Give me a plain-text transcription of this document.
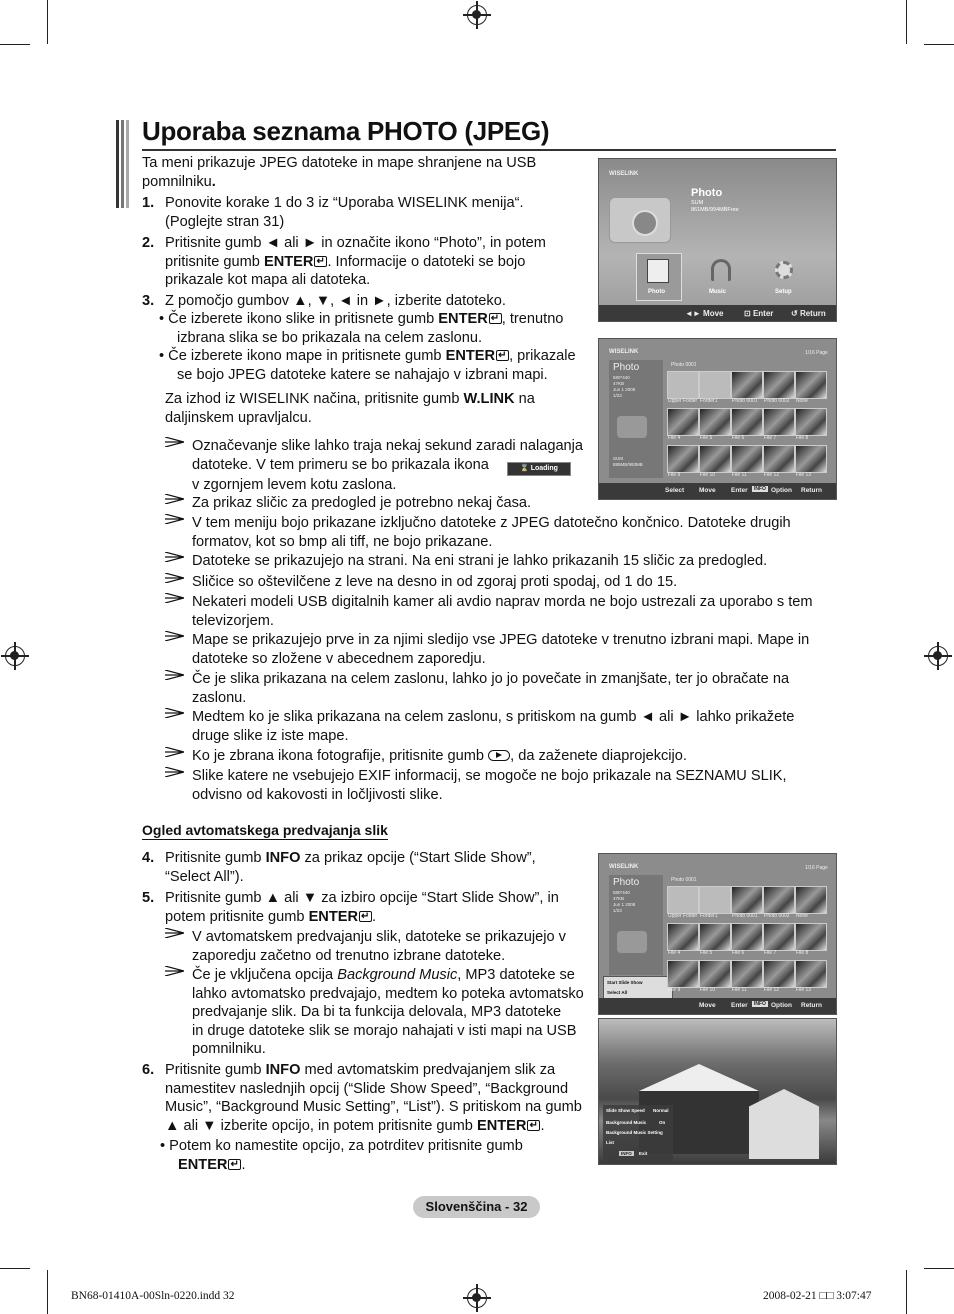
Uporaba seznama PHOTO (JPEG)
Ta meni prikazuje JPEG datoteke in mape shranjene na USB pomnilniku.
1. Ponovite korake 1 do 3 iz “Uporaba WISELINK menija“.
(Poglejte stran 31)
2. Pritisnite gumb ◄ ali ► in označite ikono “Photo”, in potem
pritisnite gumb ENTER ↵ . Informacije o datoteki se bojo
prikazale kot mapa ali datoteka.
3. Z pomočjo gumbov ▲, ▼, ◄ in ►, izberite datoteko.
• Če izberete ikono slike in pritisnete gumb ENTER ↵ , trenutno
izbrana slika se bo prikazala na celem zaslonu.
• Če izberete ikono mape in pritisnete gumb ENTER ↵ , prikazale
se bojo JPEG datoteke katere se nahajajo v izbrani mapi.
Za izhod iz WISELINK načina, pritisnite gumb W.LINK na
daljinskem upravljalcu.
Označevanje slike lahko traja nekaj sekund zaradi nalaganja
datoteke. V tem primeru se bo prikazala ikona	⌛ Loading
v zgornjem levem kotu zaslona.
Za prikaz sličic za predogled je potrebno nekaj časa.
V tem meniju bojo prikazane izključno datoteke z JPEG datotečno končnico. Datoteke drugih
formatov, kot so bmp ali tiff, ne bojo prikazane.
Datoteke se prikazujejo na strani. Na eni strani je lahko prikazanih 15 sličic za predogled.
Sličice so oštevilčene z leve na desno in od zgoraj proti spodaj, od 1 do 15.
Nekateri modeli USB digitalnih kamer ali avdio naprav morda ne bojo ustrezali za uporabo s tem
televizorjem.
Mape se prikazujejo prve in za njimi sledijo vse JPEG datoteke v trenutno izbrani mapi. Mape in
datoteke so zložene v abecednem zaporedju.
Če je slika prikazana na celem zaslonu, lahko jo jo povečate in zmanjšate, ter jo obračate na
zaslonu.
Medtem ko je slika prikazana na celem zaslonu, s pritiskom na gumb ◄ ali ► lahko prikažete
druge slike iz iste mape.
Ko je zbrana ikona fotografije, pritisnite gumb
, da zaženete diaprojekcijo.
Slike katere ne vsebujejo EXIF informacij, se mogoče ne bojo prikazale na SEZNAMU SLIK,
odvisno od kakovosti in ločljivosti slike.
Ogled avtomatskega predvajanja slik
4. Pritisnite gumb INFO za prikaz opcije (“Start Slide Show”,
“Select All”).
5. Pritisnite gumb ▲ ali ▼ za izbiro opcije “Start Slide Show”, in
potem pritisnite gumb ENTER ↵ .
V avtomatskem predvajanju slik, datoteke se prikazujejo v
zaporedju začetno od trenutno izbrane datoteke.
Če je vključena opcija Background Music, MP3 datoteke se
lahko avtomatsko predvajajo, medtem ko poteka avtomatsko
predvajanje slik. Da bi ta funkcija delovala, MP3 datoteke
in druge datoteke slik se morajo nahajati v isti mapi na USB
pomnilniku.
6. Pritisnite gumb INFO med avtomatskim predvajanjem slik za
namestitev naslednjih opcij (“Slide Show Speed”, “Background
Music”, “Background Music Setting”, “List”). S pritiskom na gumb
▲ ali ▼ izberite opcijo, in potem pritisnite gumb ENTER ↵ .
• Potem ko namestite opcijo, za potrditev pritisnite gumb
ENTER ↵ .
WISELINK
Photo
SUM
861MB/994MBFree
Photo	Music	Setup
◄► Move	⊡ Enter ↺ Return
WISELINK	1/16 Page
Photo
580*440
47KB
Jun 1 2008
1/23
SUM
885MB/993MB
Photo 0001
Select Move Enter	INFO Option Return
Upper Folder Forder1	Photo 0001 Photo 0002 None
File 4	File 5	File 6	File 7	File 8
File 9	File 10	File 11	File 12	File 13
WISELINK	1/16 Page
Photo
580*440
47KB
Jun 1 2008
1/23
Photo 0001
Start Slide Show
Select All
Move Enter	INFO Option Return
Upper Folder Forder1	Photo 0001 Photo 0002 None
File 4	File 5	File 6	File 7	File 8
File 9	File 10	File 11	File 12	File 13
Slide Show Speed Normal
Background Music	On
Background Music Setting
List
INFO	Exit
Slovenščina - 32
BN68-01410A-00Sln-0220.indd 32	2008-02-21 □□ 3:07:47
